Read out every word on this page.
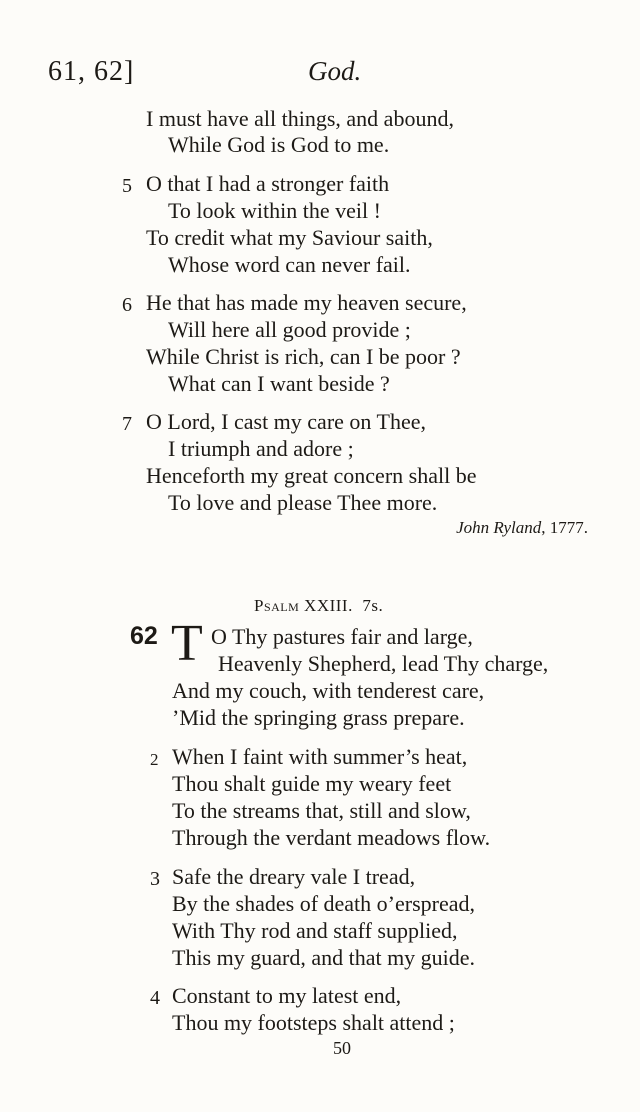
61, 62]	God.
I must have all things, and abound,
While God is God to me.
5 O that I had a stronger faith
To look within the veil !
To credit what my Saviour saith,
Whose word can never fail.
6 He that has made my heaven secure,
Will here all good provide ;
While Christ is rich, can I be poor ?
What can I want beside ?
7 O Lord, I cast my care on Thee,
I triumph and adore ;
Henceforth my great concern shall be
To love and please Thee more.
John Ryland, 1777.
Psalm XXIII. 7s.
62 T O Thy pastures fair and large,
Heavenly Shepherd, lead Thy charge,
And my couch, with tenderest care,
’Mid the springing grass prepare.
2 When I faint with summer’s heat,
Thou shalt guide my weary feet
To the streams that, still and slow,
Through the verdant meadows flow.
3 Safe the dreary vale I tread,
By the shades of death o’erspread,
With Thy rod and staff supplied,
This my guard, and that my guide.
4 Constant to my latest end,
Thou my footsteps shalt attend ;
50
